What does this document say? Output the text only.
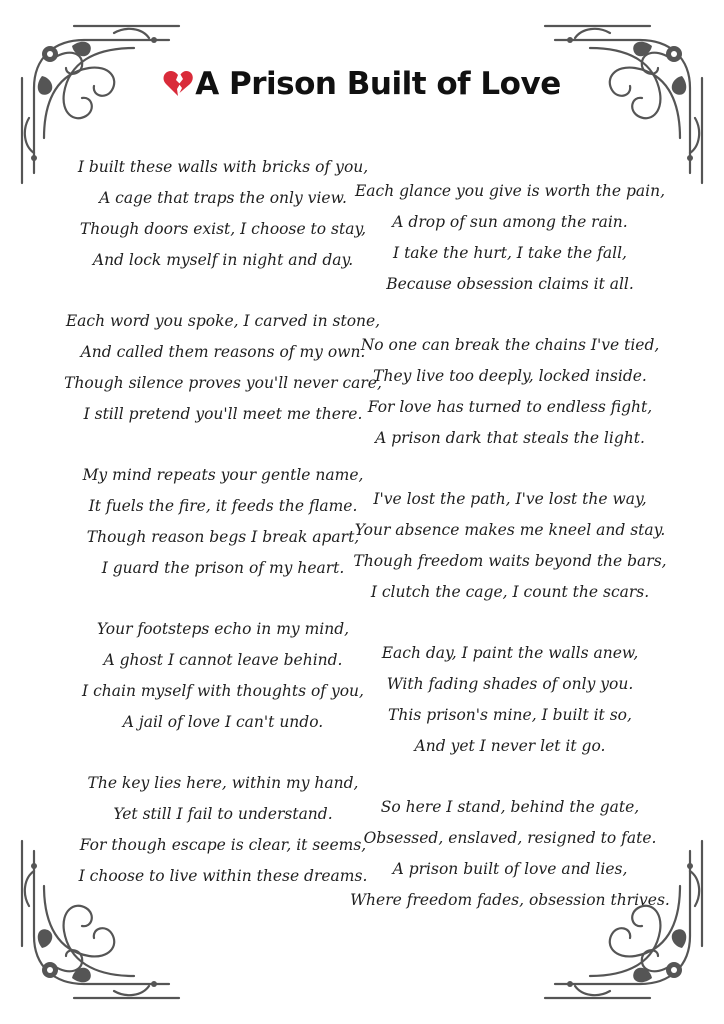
A Prison Built of Love
I built these walls with bricks of you,
A cage that traps the only view.
Though doors exist, I choose to stay,
And lock myself in night and day.
Each word you spoke, I carved in stone,
And called them reasons of my own.
Though silence proves you'll never care,
I still pretend you'll meet me there.
My mind repeats your gentle name,
It fuels the fire, it feeds the flame.
Though reason begs I break apart,
I guard the prison of my heart.
Your footsteps echo in my mind,
A ghost I cannot leave behind.
I chain myself with thoughts of you,
A jail of love I can't undo.
The key lies here, within my hand,
Yet still I fail to understand.
For though escape is clear, it seems,
I choose to live within these dreams.
Each glance you give is worth the pain,
A drop of sun among the rain.
I take the hurt, I take the fall,
Because obsession claims it all.
No one can break the chains I've tied,
They live too deeply, locked inside.
For love has turned to endless fight,
A prison dark that steals the light.
I've lost the path, I've lost the way,
Your absence makes me kneel and stay.
Though freedom waits beyond the bars,
I clutch the cage, I count the scars.
Each day, I paint the walls anew,
With fading shades of only you.
This prison's mine, I built it so,
And yet I never let it go.
So here I stand, behind the gate,
Obsessed, enslaved, resigned to fate.
A prison built of love and lies,
Where freedom fades, obsession thrives.
